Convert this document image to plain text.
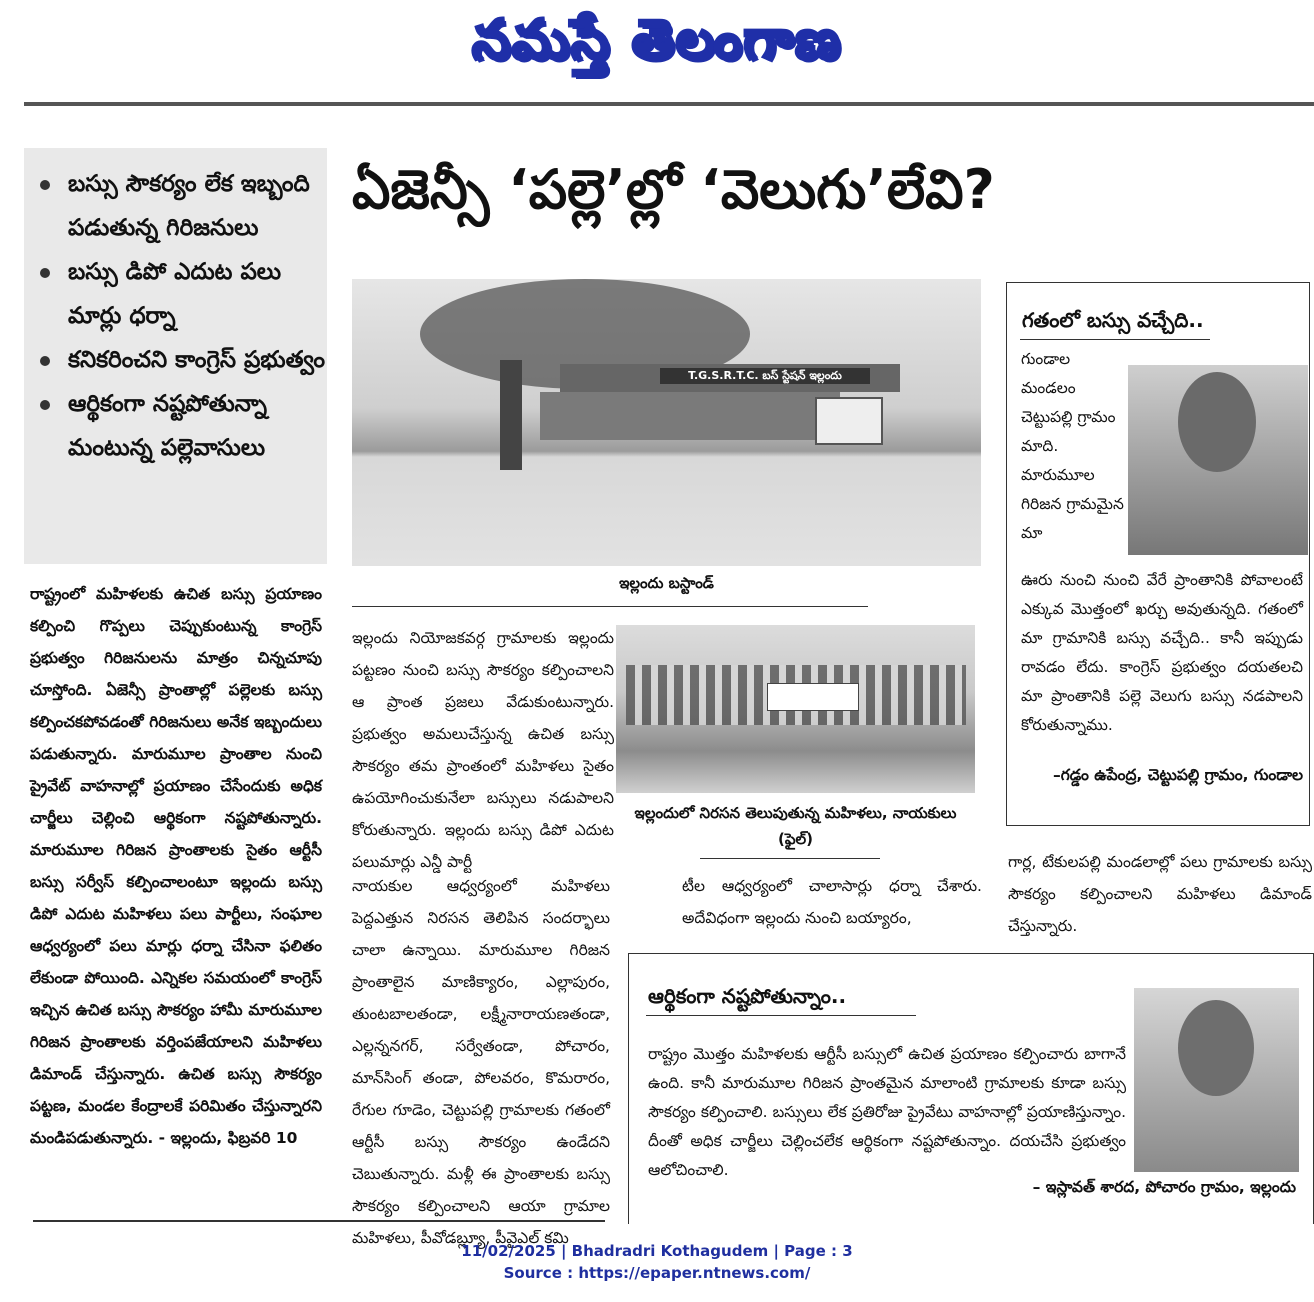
నమస్తే తెలంగాణ
బస్సు సౌకర్యం లేక ఇబ్బంది పడుతున్న గిరిజనులు
బస్సు డిపో ఎదుట పలు మార్లు ధర్నా
కనికరించని కాంగ్రెస్ ప్రభుత్వం
ఆర్థికంగా నష్టపోతున్నా మంటున్న పల్లెవాసులు
ఏజెన్సీ ‘పల్లె’ల్లో ‘వెలుగు’లేవి?
T.G.S.R.T.C. బస్ స్టేషన్ ఇల్లందు
ఇల్లందు బస్టాండ్
రాష్ట్రంలో మహిళలకు ఉచిత బస్సు ప్రయాణం కల్పించి గొప్పలు చెప్పుకుంటున్న కాంగ్రెస్ ప్రభుత్వం గిరిజనులను మాత్రం చిన్నచూపు చూస్తోంది. ఏజెన్సీ ప్రాంతాల్లో పల్లెలకు బస్సు కల్పించకపోవడంతో గిరిజనులు అనేక ఇబ్బందులు పడుతున్నారు. మారుమూల ప్రాంతాల నుంచి ప్రైవేట్ వాహనాల్లో ప్రయాణం చేసేందుకు అధిక చార్జీలు చెల్లించి ఆర్థికంగా నష్టపోతున్నారు. మారుమూల గిరిజన ప్రాంతాలకు సైతం ఆర్టీసీ బస్సు సర్వీస్ కల్పించాలంటూ ఇల్లందు బస్సు డిపో ఎదుట మహిళలు పలు పార్టీలు, సంఘాల ఆధ్వర్యంలో పలు మార్లు ధర్నా చేసినా ఫలితం లేకుండా పోయింది. ఎన్నికల సమయంలో కాంగ్రెస్ ఇచ్చిన ఉచిత బస్సు సౌకర్యం హామీ మారుమూల గిరిజన ప్రాంతాలకు వర్తింపజేయాలని మహిళలు డిమాండ్ చేస్తున్నారు. ఉచిత బస్సు సౌకర్యం పట్టణ, మండల కేంద్రాలకే పరిమితం చేస్తున్నారని మండిపడుతున్నారు. - ఇల్లందు, ఫిబ్రవరి 10
ఇల్లందు నియోజకవర్గ గ్రామాలకు ఇల్లందు పట్టణం నుంచి బస్సు సౌకర్యం కల్పించాలని ఆ ప్రాంత ప్రజలు వేడుకుంటున్నారు. ప్రభుత్వం అమలుచేస్తున్న ఉచిత బస్సు సౌకర్యం తమ ప్రాంతంలో మహిళలు సైతం ఉపయోగించుకునేలా బస్సులు నడుపాలని కోరుతున్నారు. ఇల్లందు బస్సు డిపో ఎదుట పలుమార్లు ఎన్డీ పార్టీ
ఇల్లందులో నిరసన తెలుపుతున్న మహిళలు, నాయకులు (ఫైల్)
నాయకుల ఆధ్వర్యంలో మహిళలు పెద్దఎత్తున నిరసన తెలిపిన సందర్భాలు చాలా ఉన్నాయి. మారుమూల గిరిజన ప్రాంతాలైన మాణిక్యారం, ఎల్లాపురం, తుంటబాలతండా, లక్ష్మీనారాయణతండా, ఎల్లన్ననగర్, సర్వేతండా, పోచారం, మాన్‌సింగ్ తండా, పోలవరం, కొమరారం, రేగుల గూడెం, చెట్టుపల్లి గ్రామాలకు గతంలో ఆర్టీసీ బస్సు సౌకర్యం ఉండేదని చెబుతున్నారు. మళ్లీ ఈ ప్రాంతాలకు బస్సు సౌకర్యం కల్పించాలని ఆయా గ్రామాల మహిళలు, పీవోడబ్ల్యూ, పీవైఎల్ కమి
టీల ఆధ్వర్యంలో చాలాసార్లు ధర్నా చేశారు. అదేవిధంగా ఇల్లందు నుంచి బయ్యారం,
గతంలో బస్సు వచ్చేది..
గుండాల మండలం చెట్టుపల్లి గ్రామం మాది. మారుమూల గిరిజన గ్రామమైన మా
ఊరు నుంచి నుంచి వేరే ప్రాంతానికి పోవాలంటే ఎక్కువ మొత్తంలో ఖర్చు అవుతున్నది. గతంలో మా గ్రామానికి బస్సు వచ్చేది.. కానీ ఇప్పుడు రావడం లేదు. కాంగ్రెస్ ప్రభుత్వం దయతలచి మా ప్రాంతానికి పల్లె వెలుగు బస్సు నడపాలని కోరుతున్నాము.
–గడ్డం ఉపేంద్ర, చెట్టుపల్లి గ్రామం, గుండాల
గార్ల, టేకులపల్లి మండలాల్లో పలు గ్రామాలకు బస్సు సౌకర్యం కల్పించాలని మహిళలు డిమాండ్ చేస్తున్నారు.
ఆర్థికంగా నష్టపోతున్నాం..
రాష్ట్రం మొత్తం మహిళలకు ఆర్టీసీ బస్సులో ఉచిత ప్రయాణం కల్పించారు బాగానే ఉంది. కానీ మారుమూల గిరిజన ప్రాంతమైన మాలాంటి గ్రామాలకు కూడా బస్సు సౌకర్యం కల్పించాలి. బస్సులు లేక ప్రతిరోజు ప్రైవేటు వాహనాల్లో ప్రయాణిస్తున్నాం. దీంతో అధిక చార్జీలు చెల్లించలేక ఆర్థికంగా నష్టపోతున్నాం. దయచేసి ప్రభుత్వం ఆలోచించాలి.
– ఇస్లావత్ శారద, పోచారం గ్రామం, ఇల్లందు
11/02/2025 | Bhadradri Kothagudem | Page : 3
Source : https://epaper.ntnews.com/
